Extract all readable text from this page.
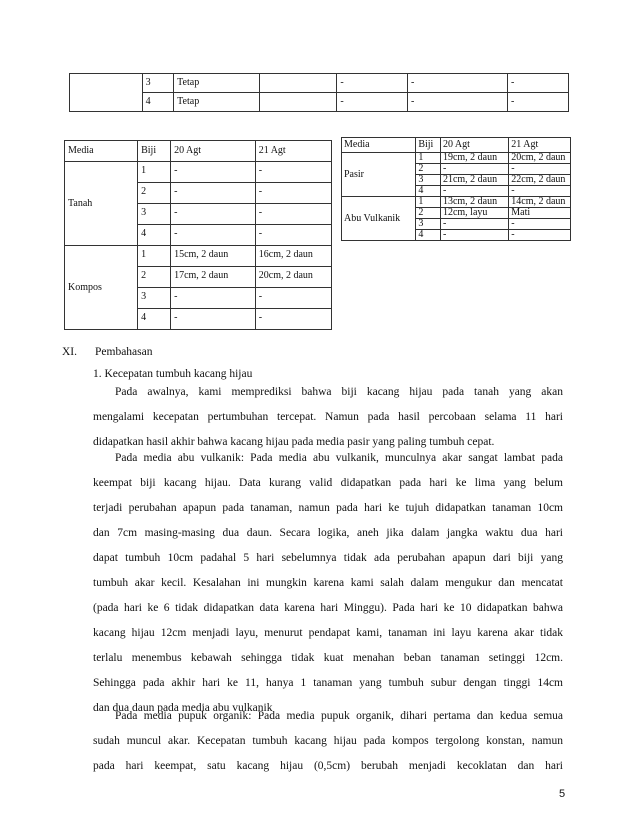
	3	Tetap		-	-	-
	4	Tetap		-	-	-
Media	Biji	20 Agt	21 Agt
Tanah	1	-	-
	2	-	-
	3	-	-
	4	-	-
Kompos	1	15cm, 2 daun	16cm, 2 daun
	2	17cm, 2 daun	20cm, 2 daun
	3	-	-
	4	-	-
Media	Biji	20 Agt	21 Agt
Pasir	1	19cm, 2 daun	20cm, 2 daun
	2	-	-
	3	21cm, 2 daun	22cm, 2 daun
	4	-	-
Abu Vulkanik	1	13cm, 2 daun	14cm, 2 daun
	2	12cm, layu	Mati
	3	-	-
	4	-	-
XI. Pembahasan
1. Kecepatan tumbuh kacang hijau
Pada awalnya, kami memprediksi bahwa biji kacang hijau pada tanah yang akan
mengalami kecepatan pertumbuhan tercepat. Namun pada hasil percobaan selama 11 hari
didapatkan hasil akhir bahwa kacang hijau pada media pasir yang paling tumbuh cepat.
Pada media abu vulkanik: Pada media abu vulkanik, munculnya akar sangat lambat pada
keempat biji kacang hijau. Data kurang valid didapatkan pada hari ke lima yang belum
terjadi perubahan apapun pada tanaman, namun pada hari ke tujuh didapatkan tanaman 10cm
dan 7cm masing-masing dua daun. Secara logika, aneh jika dalam jangka waktu dua hari
dapat tumbuh 10cm padahal 5 hari sebelumnya tidak ada perubahan apapun dari biji yang
tumbuh akar kecil. Kesalahan ini mungkin karena kami salah dalam mengukur dan mencatat
(pada hari ke 6 tidak didapatkan data karena hari Minggu). Pada hari ke 10 didapatkan bahwa
kacang hijau 12cm menjadi layu, menurut pendapat kami, tanaman ini layu karena akar tidak
terlalu menembus kebawah sehingga tidak kuat menahan beban tanaman setinggi 12cm.
Sehingga pada akhir hari ke 11, hanya 1 tanaman yang tumbuh subur dengan tinggi 14cm
dan dua daun pada media abu vulkanik
Pada media pupuk organik: Pada media pupuk organik, dihari pertama dan kedua semua
sudah muncul akar. Kecepatan tumbuh kacang hijau pada kompos tergolong konstan, namun
pada hari keempat, satu kacang hijau (0,5cm) berubah menjadi kecoklatan dan hari
5
